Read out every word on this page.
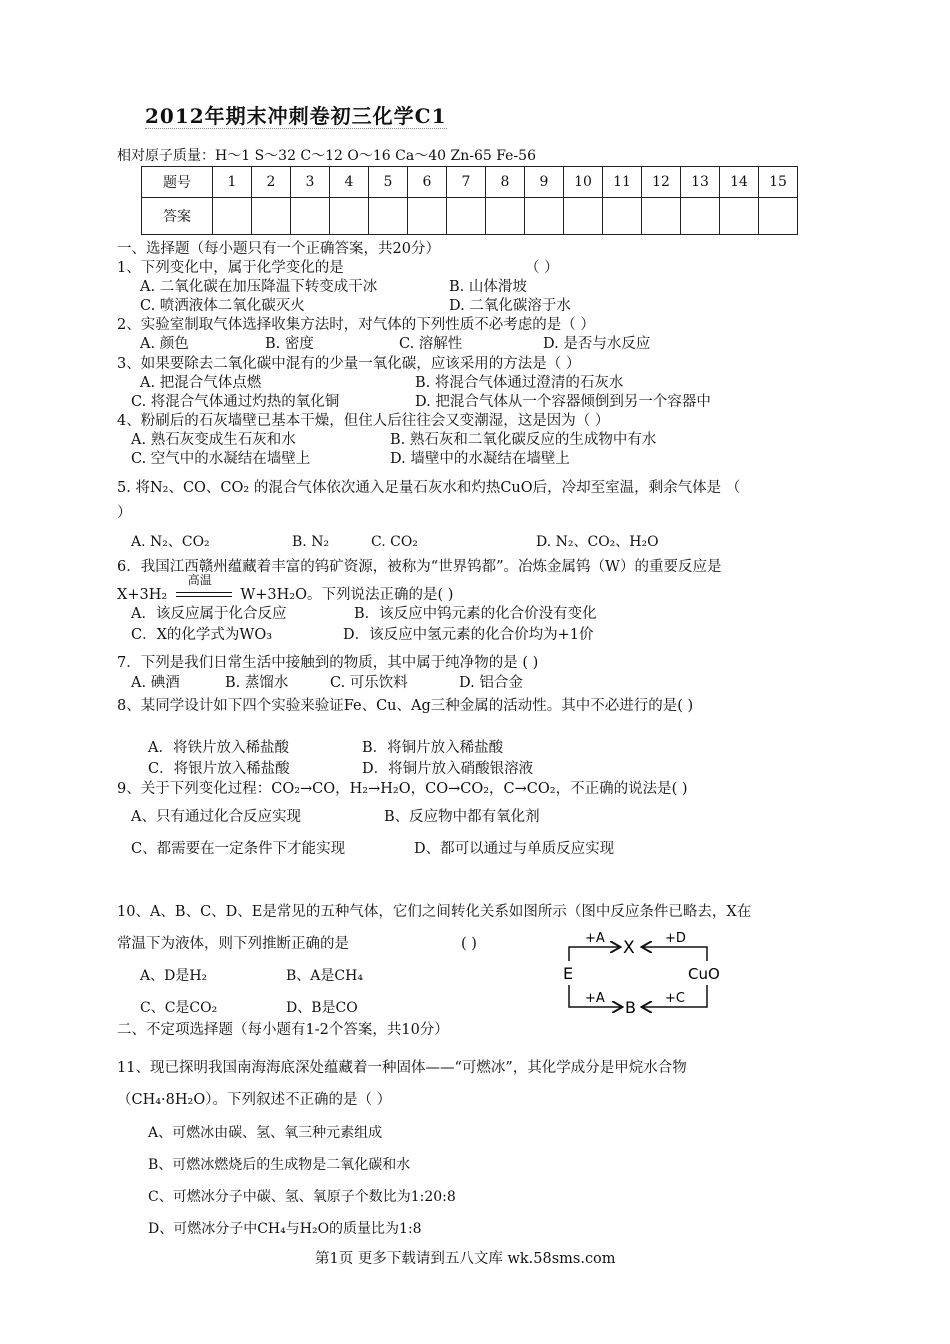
2012年期末冲刺卷初三化学C1
相对原子质量：H～1 S～32 C～12 O～16 Ca～40 Zn-65 Fe-56
题号	1	2	3	4	5	6	7	8	9	10	11	12	13	14	15
答案															
一、选择题（每小题只有一个正确答案，共20分）
1、下列变化中，属于化学变化的是	（ ）
A. 二氧化碳在加压降温下转变成干冰	B. 山体滑坡
C. 喷洒液体二氧化碳灭火	D. 二氧化碳溶于水
2、实验室制取气体选择收集方法时，对气体的下列性质不必考虑的是（ ）
A. 颜色	B. 密度	C. 溶解性	D. 是否与水反应
3、如果要除去二氧化碳中混有的少量一氧化碳，应该采用的方法是（ ）
A. 把混合气体点燃	B. 将混合气体通过澄清的石灰水
C. 将混合气体通过灼热的氧化铜	D. 把混合气体从一个容器倾倒到另一个容器中
4、粉刷后的石灰墙壁已基本干燥，但住人后往往会又变潮湿，这是因为（ ）
A. 熟石灰变成生石灰和水	B. 熟石灰和二氧化碳反应的生成物中有水
C. 空气中的水凝结在墙壁上	D. 墙壁中的水凝结在墙壁上
5. 将N₂、CO、CO₂ 的混合气体依次通入足量石灰水和灼热CuO后，冷却至室温，剩余气体是 （
）
A. N₂、CO₂	B. N₂	C. CO₂	D. N₂、CO₂、H₂O
6．我国江西赣州蕴藏着丰富的钨矿资源，被称为“世界钨都”。冶炼金属钨（W）的重要反应是
X+3H₂
高温
W+3H₂O。下列说法正确的是( )
A．该反应属于化合反应	B．该反应中钨元素的化合价没有变化
C．X的化学式为WO₃	D．该反应中氢元素的化合价均为+1价
7．下列是我们日常生活中接触到的物质，其中属于纯净物的是 ( )
A. 碘酒	B. 蒸馏水	C. 可乐饮料	D. 铝合金
8、某同学设计如下四个实验来验证Fe、Cu、Ag三种金属的活动性。其中不必进行的是( )
A．将铁片放入稀盐酸	B．将铜片放入稀盐酸
C．将银片放入稀盐酸	D．将铜片放入硝酸银溶液
9、关于下列变化过程：CO₂→CO，H₂→H₂O，CO→CO₂，C→CO₂，不正确的说法是( )
A、只有通过化合反应实现	B、反应物中都有氧化剂
C、都需要在一定条件下才能实现	D、都可以通过与单质反应实现
10、A、B、C、D、E是常见的五种气体，它们之间转化关系如图所示（图中反应条件已略去，X在
常温下为液体，则下列推断正确的是	( )
A、D是H₂	B、A是CH₄
C、C是CO₂	D、B是CO
+A	+D
+A	+C
X
E	CuO
B
二、不定项选择题（每小题有1-2个答案，共10分）
11、现已探明我国南海海底深处蕴藏着一种固体——“可燃冰”，其化学成分是甲烷水合物
（CH₄·8H₂O）。下列叙述不正确的是（ ）
A、可燃冰由碳、氢、氧三种元素组成
B、可燃冰燃烧后的生成物是二氧化碳和水
C、可燃冰分子中碳、氢、氧原子个数比为1:20:8
D、可燃冰分子中CH₄与H₂O的质量比为1:8
第1页 更多下载请到五八文库 wk.58sms.com
